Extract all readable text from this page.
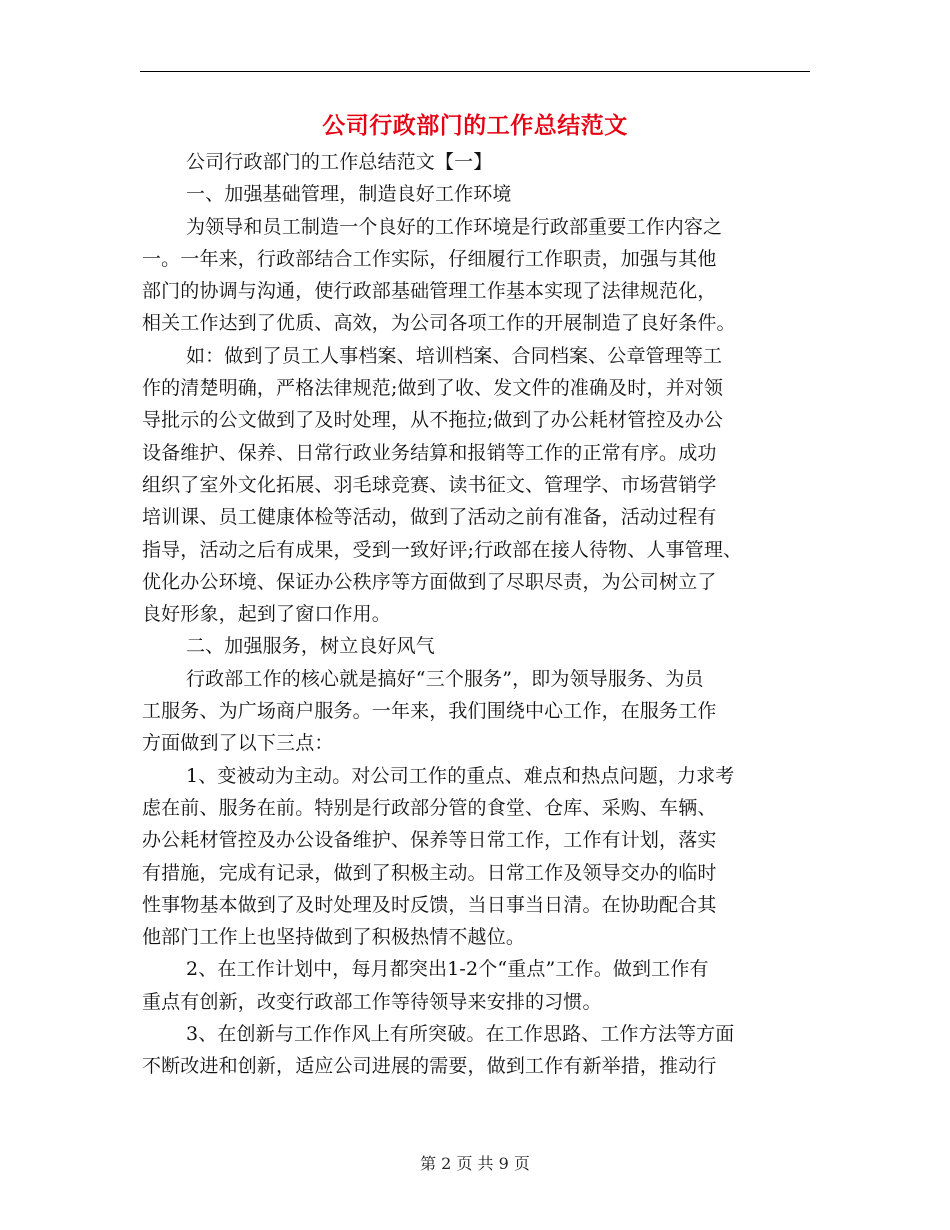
公司行政部门的工作总结范文
公司行政部门的工作总结范文【一】
一、加强基础管理，制造良好工作环境
为领导和员工制造一个良好的工作环境是行政部重要工作内容之
一。一年来，行政部结合工作实际，仔细履行工作职责，加强与其他
部门的协调与沟通，使行政部基础管理工作基本实现了法律规范化，
相关工作达到了优质、高效，为公司各项工作的开展制造了良好条件。
如：做到了员工人事档案、培训档案、合同档案、公章管理等工
作的清楚明确，严格法律规范;做到了收、发文件的准确及时，并对领
导批示的公文做到了及时处理，从不拖拉;做到了办公耗材管控及办公
设备维护、保养、日常行政业务结算和报销等工作的正常有序。成功
组织了室外文化拓展、羽毛球竞赛、读书征文、管理学、市场营销学
培训课、员工健康体检等活动，做到了活动之前有准备，活动过程有
指导，活动之后有成果，受到一致好评;行政部在接人待物、人事管理、
优化办公环境、保证办公秩序等方面做到了尽职尽责，为公司树立了
良好形象，起到了窗口作用。
二、加强服务，树立良好风气
行政部工作的核心就是搞好“三个服务”，即为领导服务、为员
工服务、为广场商户服务。一年来，我们围绕中心工作，在服务工作
方面做到了以下三点：
1、变被动为主动。对公司工作的重点、难点和热点问题，力求考
虑在前、服务在前。特别是行政部分管的食堂、仓库、采购、车辆、
办公耗材管控及办公设备维护、保养等日常工作，工作有计划，落实
有措施，完成有记录，做到了积极主动。日常工作及领导交办的临时
性事物基本做到了及时处理及时反馈，当日事当日清。在协助配合其
他部门工作上也坚持做到了积极热情不越位。
2、在工作计划中，每月都突出1-2个“重点”工作。做到工作有
重点有创新，改变行政部工作等待领导来安排的习惯。
3、在创新与工作作风上有所突破。在工作思路、工作方法等方面
不断改进和创新，适应公司进展的需要，做到工作有新举措，推动行
第 2 页 共 9 页
